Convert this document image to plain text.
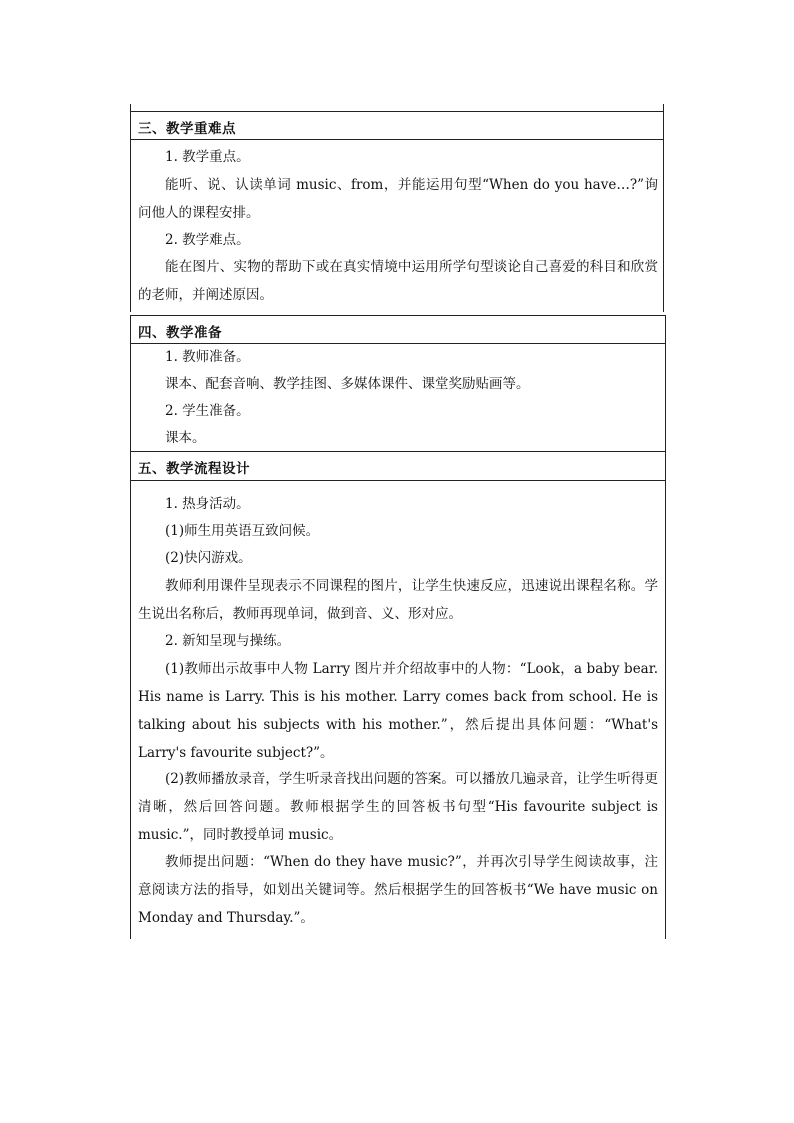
三、教学重难点
1. 教学重点。
能听、说、认读单词 music、from，并能运用句型“When do you have…?”询问他人的课程安排。
2. 教学难点。
能在图片、实物的帮助下或在真实情境中运用所学句型谈论自己喜爱的科目和欣赏的老师，并阐述原因。
四、教学准备
1. 教师准备。
课本、配套音响、教学挂图、多媒体课件、课堂奖励贴画等。
2. 学生准备。
课本。
五、教学流程设计
1. 热身活动。
(1)师生用英语互致问候。
(2)快闪游戏。
教师利用课件呈现表示不同课程的图片，让学生快速反应，迅速说出课程名称。学生说出名称后，教师再现单词，做到音、义、形对应。
2. 新知呈现与操练。
(1)教师出示故事中人物 Larry 图片并介绍故事中的人物：“Look，a baby bear. His name is Larry. This is his mother. Larry comes back from school. He is talking about his subjects with his mother.”，然后提出具体问题：“What's Larry's favourite subject?”。
(2)教师播放录音，学生听录音找出问题的答案。可以播放几遍录音，让学生听得更清晰，然后回答问题。教师根据学生的回答板书句型“His favourite subject is music.”，同时教授单词 music。
教师提出问题：“When do they have music?”，并再次引导学生阅读故事，注意阅读方法的指导，如划出关键词等。然后根据学生的回答板书“We have music on Monday and Thursday.”。
